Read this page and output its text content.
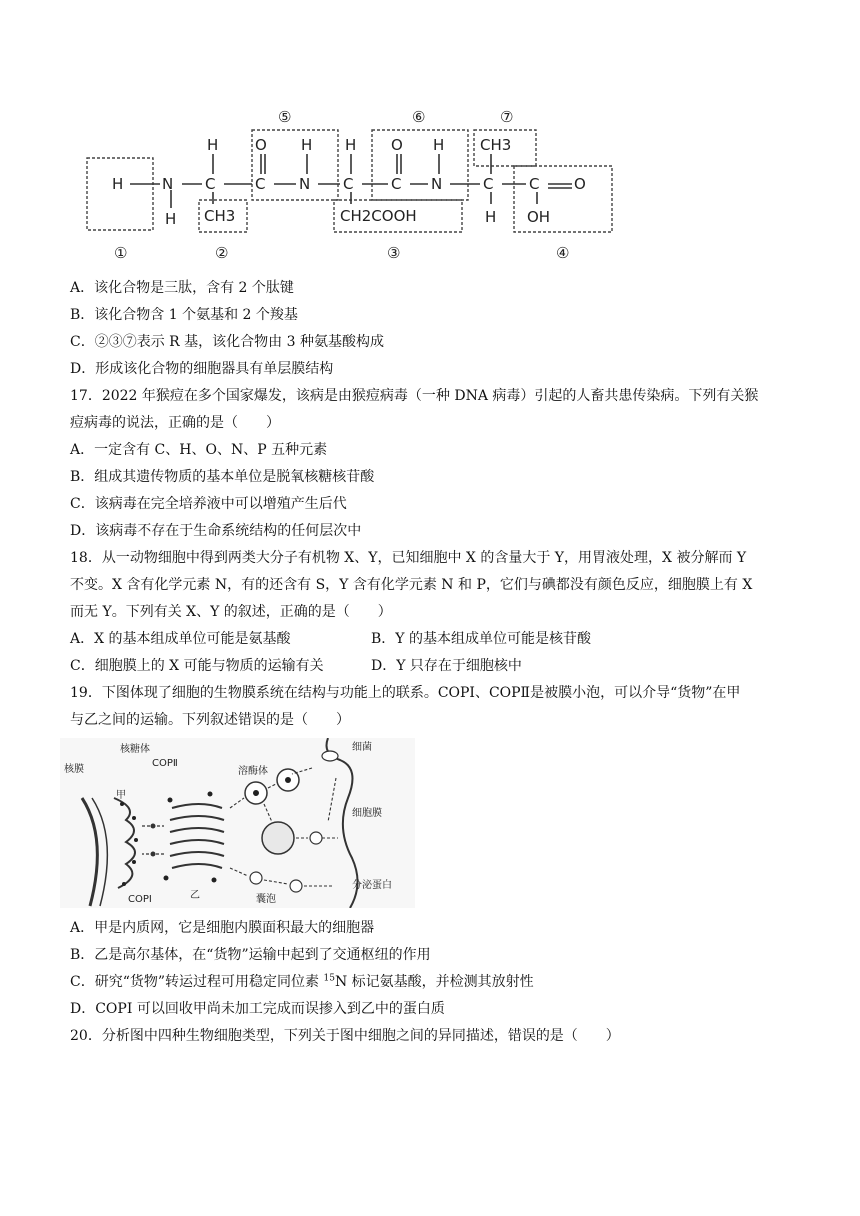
H
H
N
H
C
CH3
C
O H
N
H
C
CH2COOH
O H
C N
CH3
C
H
C O
OH
①	②	③	④
⑤	⑥	⑦
A．该化合物是三肽，含有 2 个肽键
B．该化合物含 1 个氨基和 2 个羧基
C．②③⑦表示 R 基，该化合物由 3 种氨基酸构成
D．形成该化合物的细胞器具有单层膜结构
17．2022 年猴痘在多个国家爆发，该病是由猴痘病毒（一种 DNA 病毒）引起的人畜共患传染病。下列有关猴
痘病毒的说法，正确的是（　　）
A．一定含有 C、H、O、N、P 五种元素
B．组成其遗传物质的基本单位是脱氧核糖核苷酸
C．该病毒在完全培养液中可以增殖产生后代
D．该病毒不存在于生命系统结构的任何层次中
18．从一动物细胞中得到两类大分子有机物 X、Y，已知细胞中 X 的含量大于 Y，用胃液处理，X 被分解而 Y
不变。X 含有化学元素 N，有的还含有 S，Y 含有化学元素 N 和 P，它们与碘都没有颜色反应，细胞膜上有 X
而无 Y。下列有关 X、Y 的叙述，正确的是（　　）
A．X 的基本组成单位可能是氨基酸	B．Y 的基本组成单位可能是核苷酸
C．细胞膜上的 X 可能与物质的运输有关	D．Y 只存在于细胞核中
19．下图体现了细胞的生物膜系统在结构与功能上的联系。COPI、COPⅡ是被膜小泡，可以介导“货物”在甲
与乙之间的运输。下列叙述错误的是（　　）
核膜
核糖体
COPⅡ
甲
COPⅠ	乙
溶酶体
细菌
细胞膜
囊泡
分泌蛋白
A．甲是内质网，它是细胞内膜面积最大的细胞器
B．乙是高尔基体，在“货物”运输中起到了交通枢纽的作用
C．研究“货物”转运过程可用稳定同位素 $^{15}$N 标记氨基酸，并检测其放射性
D．COPI 可以回收甲尚未加工完成而误掺入到乙中的蛋白质
20．分析图中四种生物细胞类型，下列关于图中细胞之间的异同描述，错误的是（　　）
